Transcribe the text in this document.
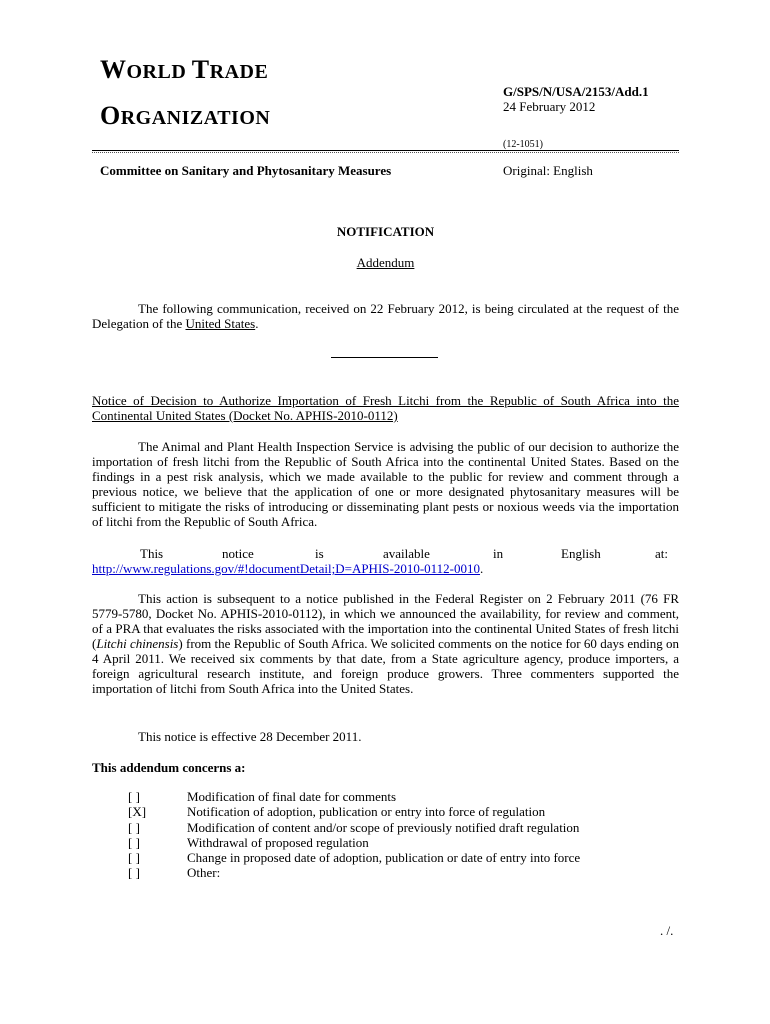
WORLD TRADE
ORGANIZATION
G/SPS/N/USA/2153/Add.1
24 February 2012
(12-1051)
Committee on Sanitary and Phytosanitary Measures	Original: English
NOTIFICATION
Addendum
The following communication, received on 22 February 2012, is being circulated at the request of the Delegation of the United States.
Notice of Decision to Authorize Importation of Fresh Litchi from the Republic of South Africa into the Continental United States (Docket No. APHIS-2010-0112)
The Animal and Plant Health Inspection Service is advising the public of our decision to authorize the importation of fresh litchi from the Republic of South Africa into the continental United States. Based on the findings in a pest risk analysis, which we made available to the public for review and comment through a previous notice, we believe that the application of one or more designated phytosanitary measures will be sufficient to mitigate the risks of introducing or disseminating plant pests or noxious weeds via the importation of litchi from the Republic of South Africa.
This	notice	is	available	in	English	at:
http://www.regulations.gov/#!documentDetail;D=APHIS-2010-0112-0010.
This action is subsequent to a notice published in the Federal Register on 2 February 2011 (76 FR 5779-5780, Docket No. APHIS-2010-0112), in which we announced the availability, for review and comment, of a PRA that evaluates the risks associated with the importation into the continental United States of fresh litchi (Litchi chinensis) from the Republic of South Africa. We solicited comments on the notice for 60 days ending on 4 April 2011. We received six comments by that date, from a State agriculture agency, produce importers, a foreign agricultural research institute, and foreign produce growers. Three commenters supported the importation of litchi from South Africa into the United States.
This notice is effective 28 December 2011.
This addendum concerns a:
[ ]	Modification of final date for comments
[X]	Notification of adoption, publication or entry into force of regulation
[ ]	Modification of content and/or scope of previously notified draft regulation
[ ]	Withdrawal of proposed regulation
[ ]	Change in proposed date of adoption, publication or date of entry into force
[ ]	Other:
. /.
